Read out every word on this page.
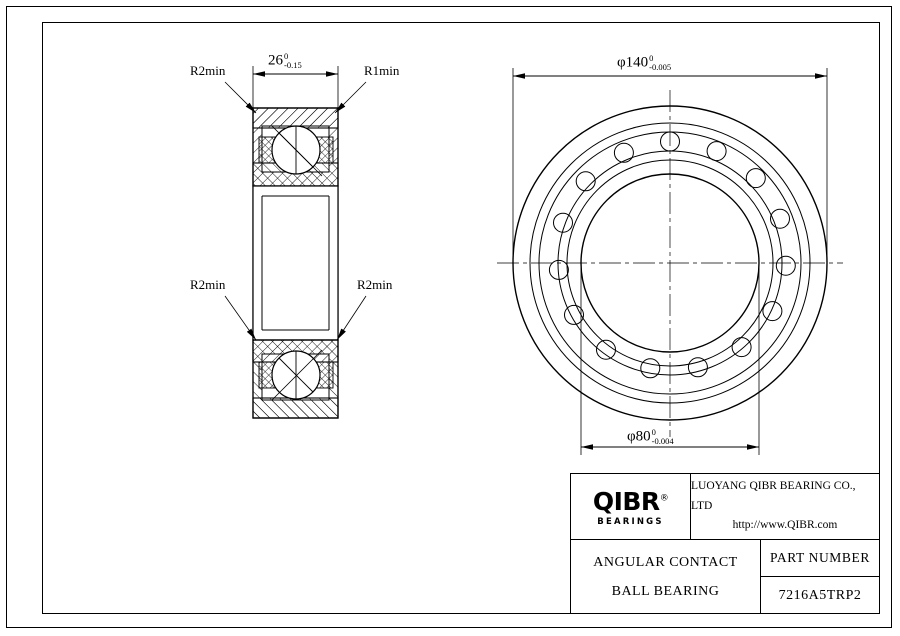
R2min	R1min
R2min	R2min
26 0
-0.15	φ140 0
-0.005
φ80 0
-0.004
QIBR®
BEARINGS
LUOYANG QIBR BEARING CO., LTD
http://www.QIBR.com
ANGULAR CONTACT
BALL BEARING
PART NUMBER
7216A5TRP2
